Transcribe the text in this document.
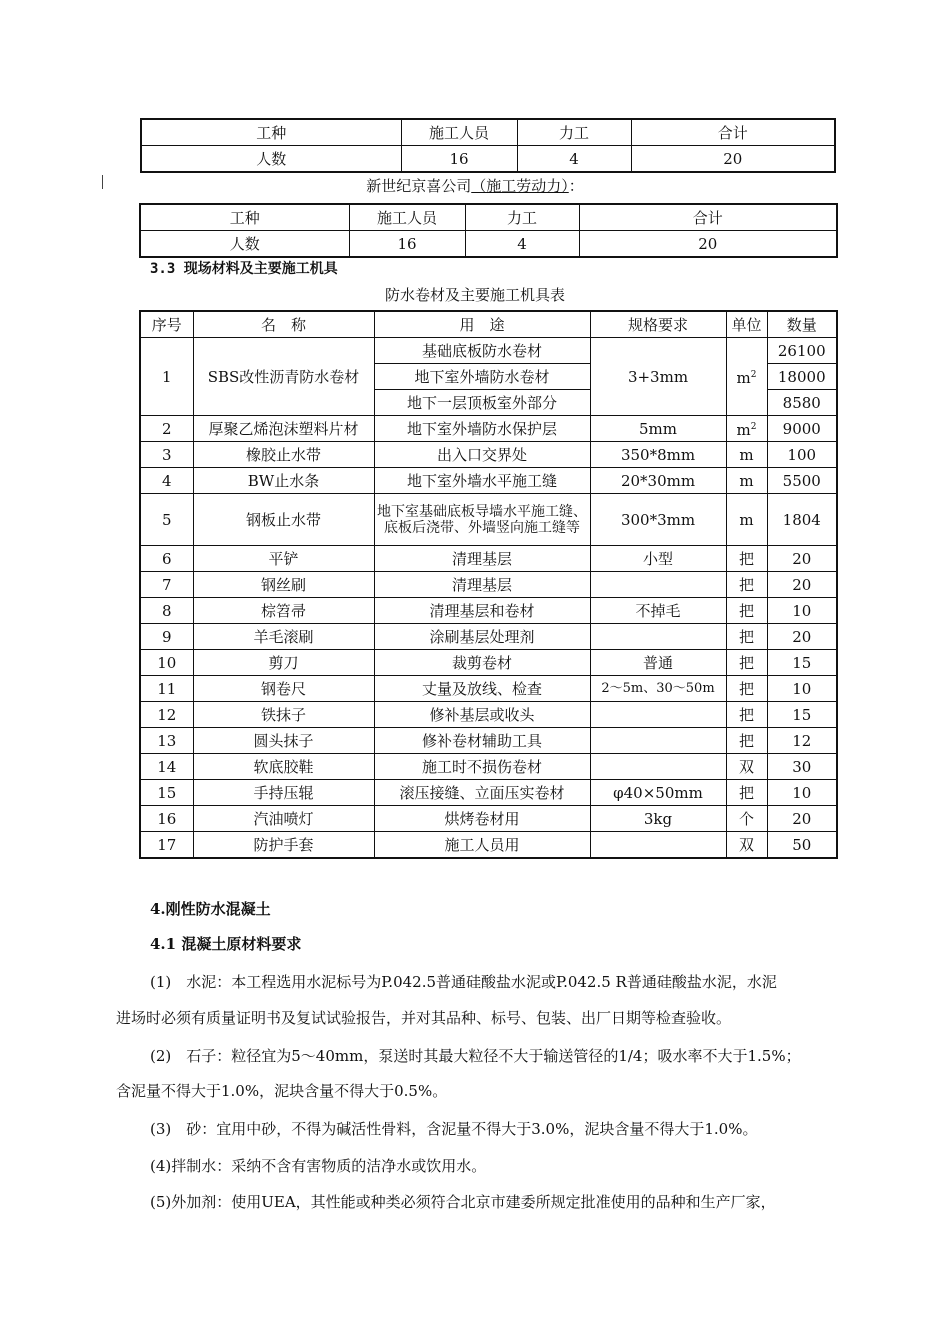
工种	施工人员	力工	合计
人数	16	4	20
新世纪京喜公司（施工劳动力）：
工种	施工人员	力工	合计
人数	16	4	20
3.3 现场材料及主要施工机具
防水卷材及主要施工机具表
序号	名　称	用　途	规格要求	单位	数量
1	SBS改性沥青防水卷材	基础底板防水卷材	3+3mm	$m^2$	26100
		地下室外墙防水卷材			18000
		地下一层顶板室外部分			8580
2	厚聚乙烯泡沫塑料片材	地下室外墙防水保护层	5mm	$m^2$	9000
3	橡胶止水带	出入口交界处	350*8mm	m	100
4	BW止水条	地下室外墙水平施工缝	20*30mm	m	5500
5	钢板止水带	地下室基础底板导墙水平施工缝、底板后浇带、外墙竖向施工缝等	300*3mm	m	1804
6	平铲	清理基层	小型	把	20
7	钢丝刷	清理基层		把	20
8	棕笤帚	清理基层和卷材	不掉毛	把	10
9	羊毛滚刷	涂刷基层处理剂		把	20
10	剪刀	裁剪卷材	普通	把	15
11	钢卷尺	丈量及放线、检查	2～5m、30～50m	把	10
12	铁抹子	修补基层或收头		把	15
13	圆头抹子	修补卷材辅助工具		把	12
14	软底胶鞋	施工时不损伤卷材		双	30
15	手持压辊	滚压接缝、立面压实卷材	φ40×50mm	把	10
16	汽油喷灯	烘烤卷材用	3kg	个	20
17	防护手套	施工人员用		双	50
4.刚性防水混凝土
4.1 混凝土原材料要求
(1)　水泥：本工程选用水泥标号为P.042.5普通硅酸盐水泥或P.042.5 R普通硅酸盐水泥，水泥
进场时必须有质量证明书及复试试验报告，并对其品种、标号、包装、出厂日期等检查验收。
(2)　石子：粒径宜为5～40mm，泵送时其最大粒径不大于输送管径的1/4；吸水率不大于1.5%；
含泥量不得大于1.0%，泥块含量不得大于0.5%。
(3)　砂：宜用中砂，不得为碱活性骨料，含泥量不得大于3.0%，泥块含量不得大于1.0%。
(4)拌制水：采纳不含有害物质的洁净水或饮用水。
(5)外加剂：使用UEA，其性能或种类必须符合北京市建委所规定批准使用的品种和生产厂家，
